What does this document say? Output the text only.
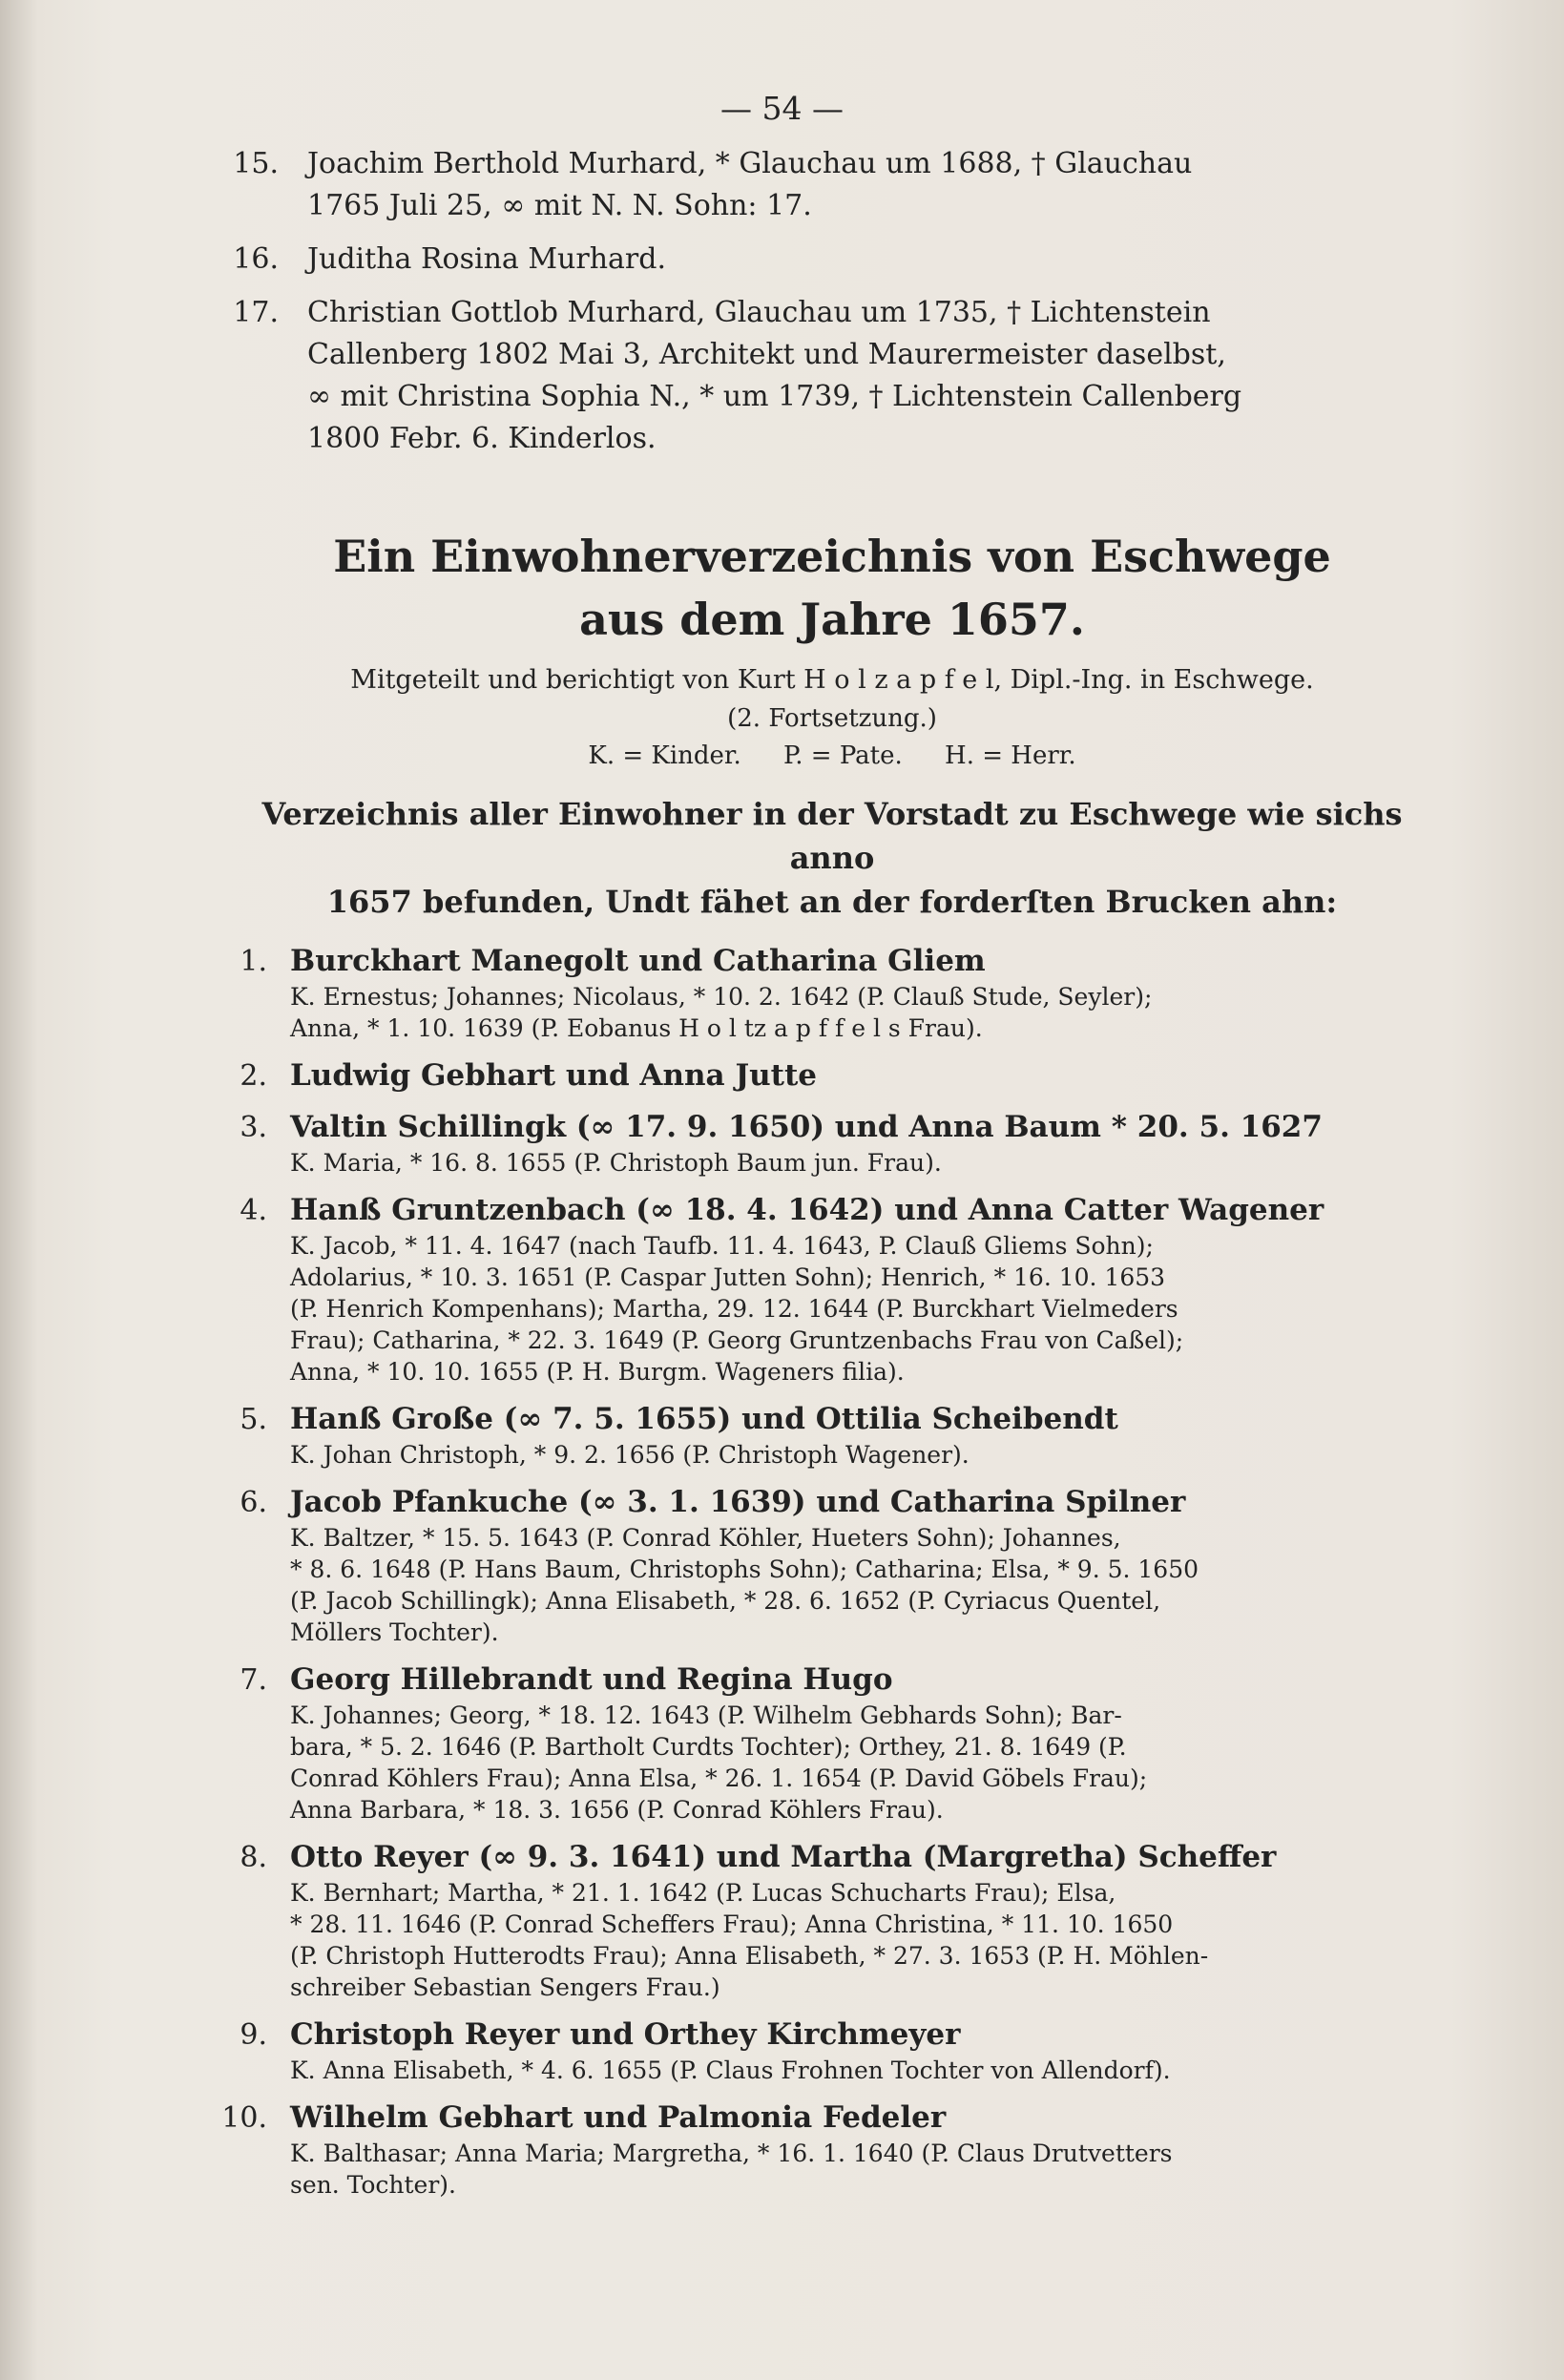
— 54 —
15. Joachim Berthold Murhard, * Glauchau um 1688, † Glauchau
1765 Juli 25, ∞ mit N. N. Sohn: 17.
16. Juditha Rosina Murhard.
17. Christian Gottlob Murhard, Glauchau um 1735, † Lichtenstein
Callenberg 1802 Mai 3, Architekt und Maurermeister daselbst,
∞ mit Christina Sophia N., * um 1739, † Lichtenstein Callenberg
1800 Febr. 6. Kinderlos.
Ein Einwohnerverzeichnis von Eschwege
aus dem Jahre 1657.
Mitgeteilt und berichtigt von Kurt H o l z a p f e l, Dipl.-Ing. in Eschwege.
(2. Fortsetzung.)
K. = Kinder. P. = Pate. H. = Herr.
Verzeichnis aller Einwohner in der Vorstadt zu Eschwege wie sichs anno
1657 befunden, Undt fähet an der forderſten Brucken ahn:
1. Burckhart Manegolt und Catharina Gliem
K. Ernestus; Johannes; Nicolaus, * 10. 2. 1642 (P. Clauß Stude, Seyler);
Anna, * 1. 10. 1639 (P. Eobanus H o l tz a p f f e l s Frau).
2. Ludwig Gebhart und Anna Jutte
3. Valtin Schillingk (∞ 17. 9. 1650) und Anna Baum * 20. 5. 1627
K. Maria, * 16. 8. 1655 (P. Christoph Baum jun. Frau).
4. Hanß Gruntzenbach (∞ 18. 4. 1642) und Anna Catter Wagener
K. Jacob, * 11. 4. 1647 (nach Taufb. 11. 4. 1643, P. Clauß Gliems Sohn);
Adolarius, * 10. 3. 1651 (P. Caspar Jutten Sohn); Henrich, * 16. 10. 1653
(P. Henrich Kompenhans); Martha, 29. 12. 1644 (P. Burckhart Vielmeders
Frau); Catharina, * 22. 3. 1649 (P. Georg Gruntzenbachs Frau von Caßel);
Anna, * 10. 10. 1655 (P. H. Burgm. Wageners filia).
5. Hanß Große (∞ 7. 5. 1655) und Ottilia Scheibendt
K. Johan Christoph, * 9. 2. 1656 (P. Christoph Wagener).
6. Jacob Pfankuche (∞ 3. 1. 1639) und Catharina Spilner
K. Baltzer, * 15. 5. 1643 (P. Conrad Köhler, Hueters Sohn); Johannes,
* 8. 6. 1648 (P. Hans Baum, Christophs Sohn); Catharina; Elsa, * 9. 5. 1650
(P. Jacob Schillingk); Anna Elisabeth, * 28. 6. 1652 (P. Cyriacus Quentel,
Möllers Tochter).
7. Georg Hillebrandt und Regina Hugo
K. Johannes; Georg, * 18. 12. 1643 (P. Wilhelm Gebhards Sohn); Bar-
bara, * 5. 2. 1646 (P. Bartholt Curdts Tochter); Orthey, 21. 8. 1649 (P.
Conrad Köhlers Frau); Anna Elsa, * 26. 1. 1654 (P. David Göbels Frau);
Anna Barbara, * 18. 3. 1656 (P. Conrad Köhlers Frau).
8. Otto Reyer (∞ 9. 3. 1641) und Martha (Margretha) Scheffer
K. Bernhart; Martha, * 21. 1. 1642 (P. Lucas Schucharts Frau); Elsa,
* 28. 11. 1646 (P. Conrad Scheffers Frau); Anna Christina, * 11. 10. 1650
(P. Christoph Hutterodts Frau); Anna Elisabeth, * 27. 3. 1653 (P. H. Möhlen-
schreiber Sebastian Sengers Frau.)
9. Christoph Reyer und Orthey Kirchmeyer
K. Anna Elisabeth, * 4. 6. 1655 (P. Claus Frohnen Tochter von Allendorf).
10. Wilhelm Gebhart und Palmonia Fedeler
K. Balthasar; Anna Maria; Margretha, * 16. 1. 1640 (P. Claus Drutvetters
sen. Tochter).
